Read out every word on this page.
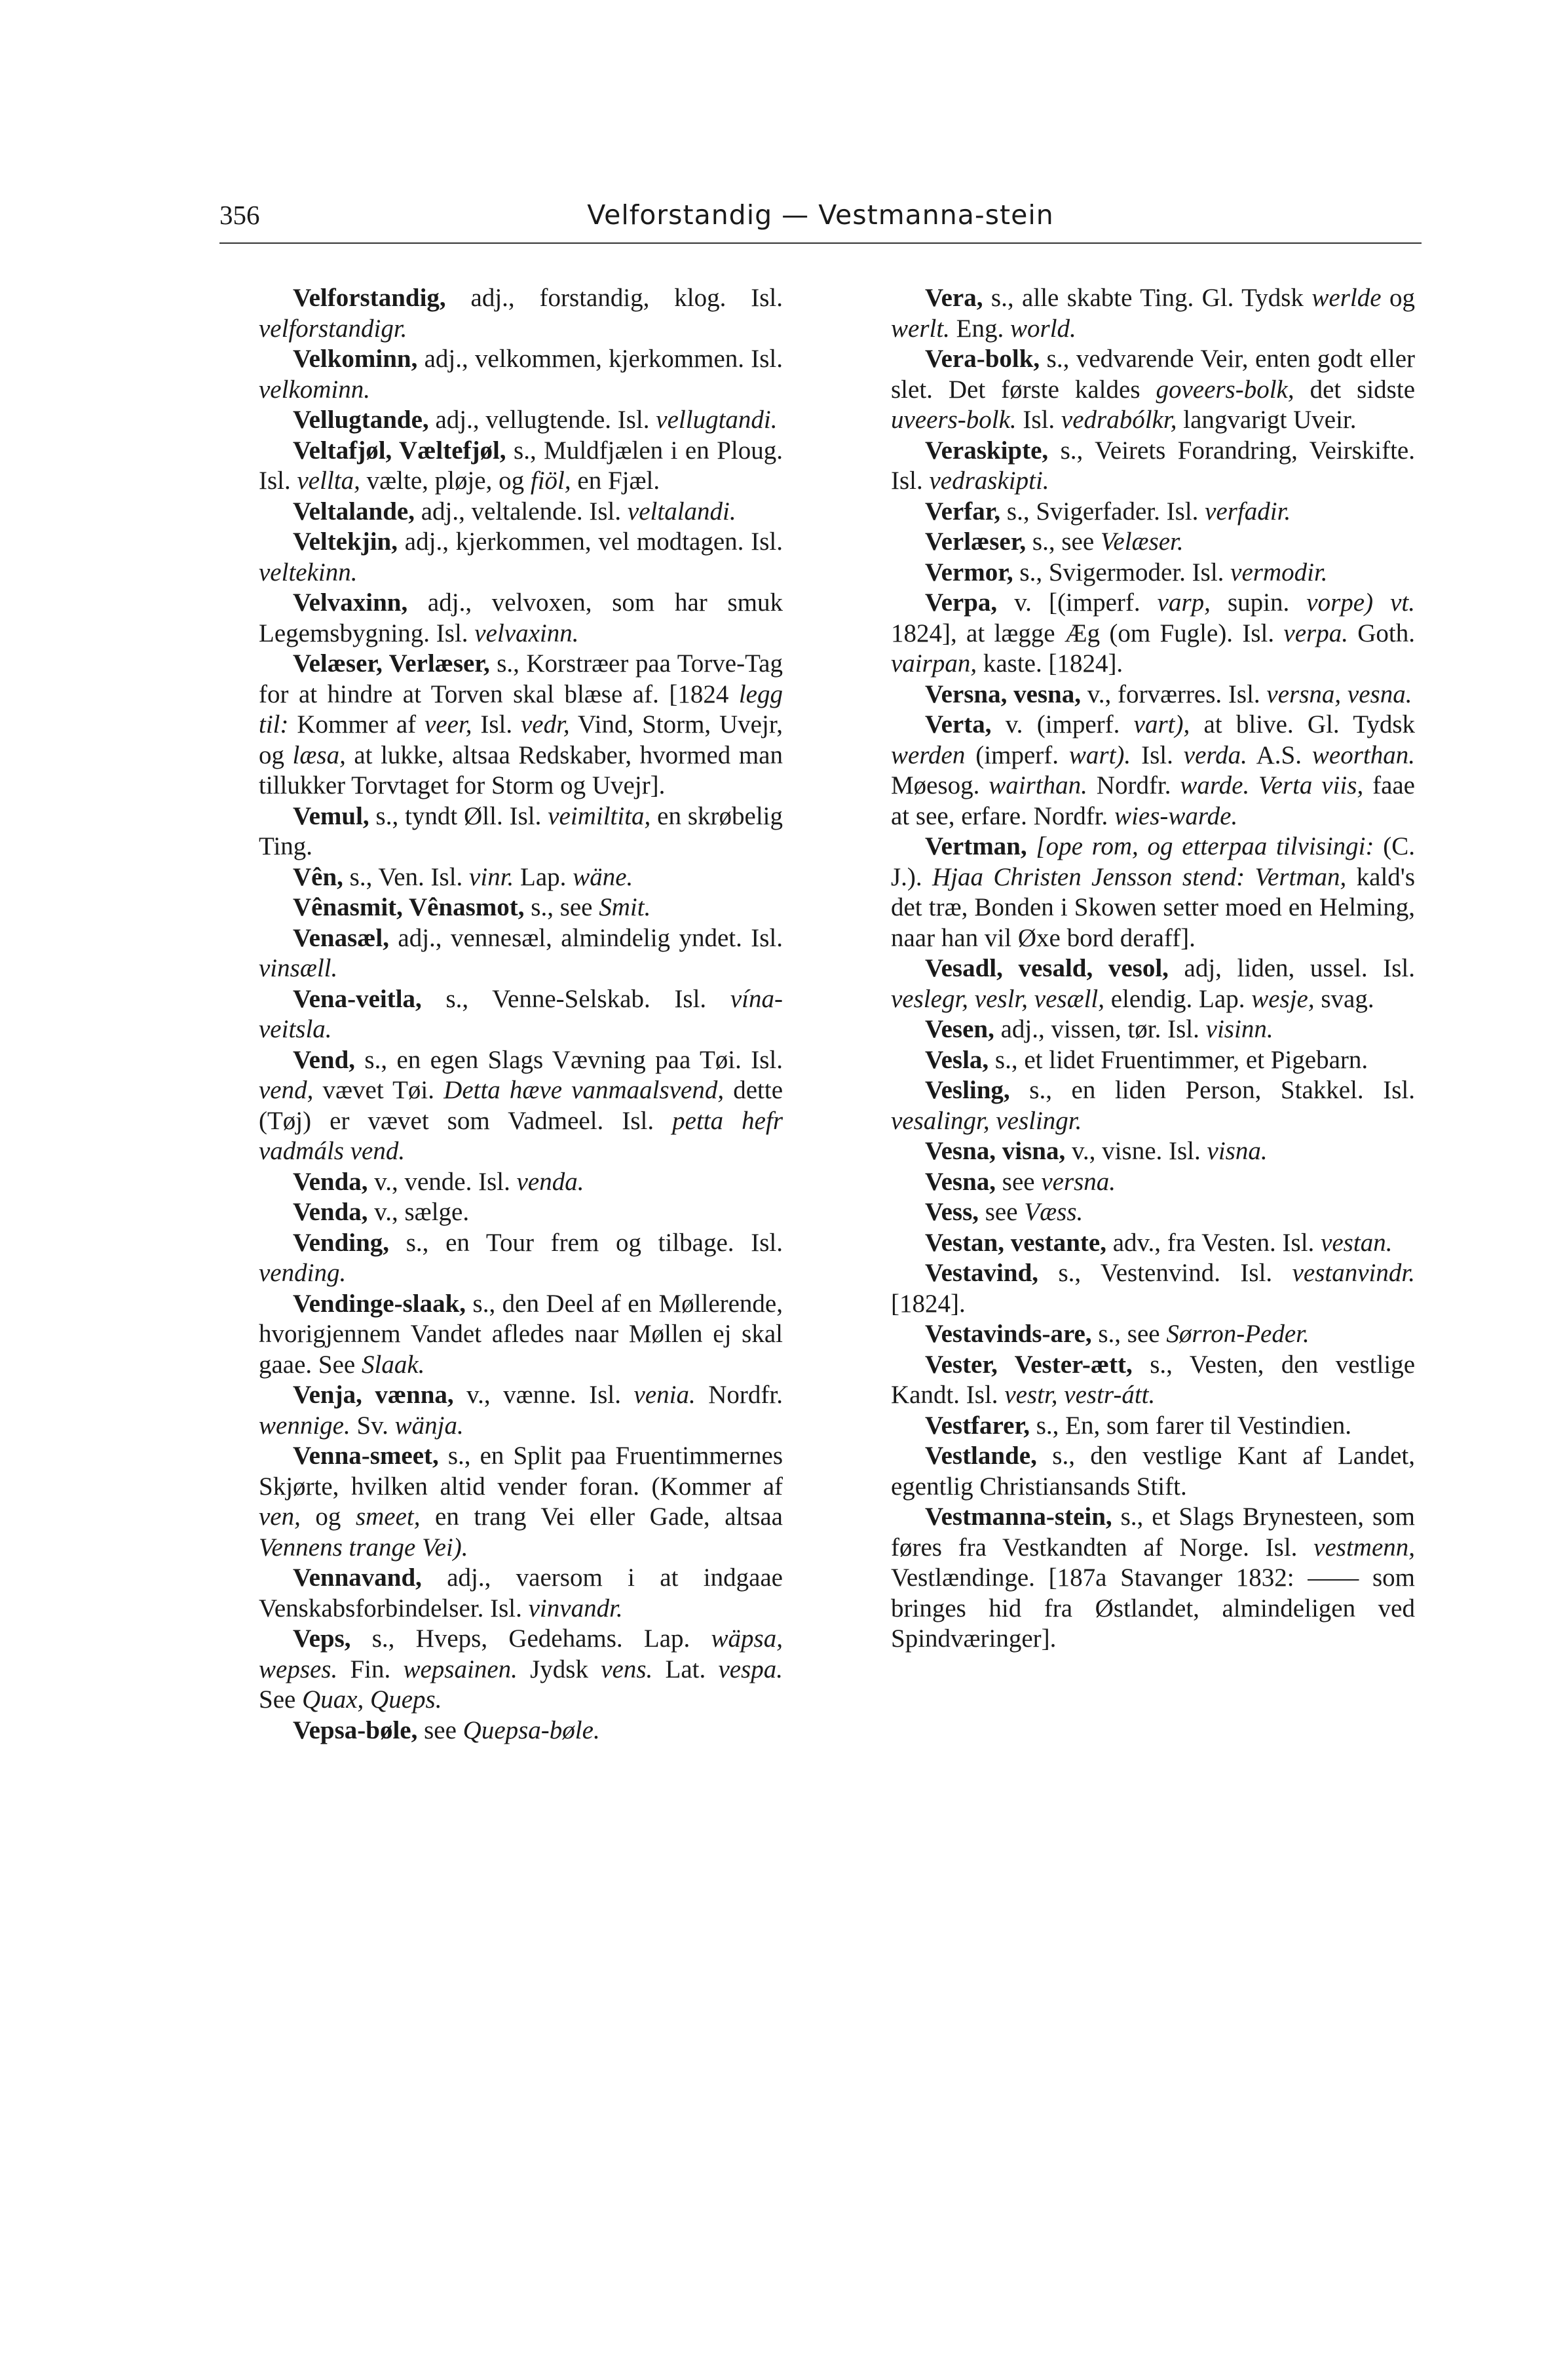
356	Velforstandig — Vestmanna-stein

Velforstandig, adj., forstandig, klog. Isl. velforstandigr.

Velkominn, adj., velkommen, kjerkommen. Isl. velkominn.

Vellugtande, adj., vellugtende. Isl. vellugtandi.

Veltafjøl, Væltefjøl, s., Muldfjælen i en Ploug. Isl. vellta, vælte, pløje, og fiöl, en Fjæl.

Veltalande, adj., veltalende. Isl. veltalandi.

Veltekjin, adj., kjerkommen, vel modtagen. Isl. veltekinn.

Velvaxinn, adj., velvoxen, som har smuk Legemsbygning. Isl. velvaxinn.

Velæser, Verlæser, s., Korstræer paa Torve-Tag for at hindre at Torven skal blæse af. [1824 legg til: Kommer af veer, Isl. vedr, Vind, Storm, Uvejr, og læsa, at lukke, altsaa Redskaber, hvormed man tillukker Torvtaget for Storm og Uvejr].

Vemul, s., tyndt Øll. Isl. veimiltita, en skrøbelig Ting.

Vên, s., Ven. Isl. vinr. Lap. wäne.

Vênasmit, Vênasmot, s., see Smit.

Venasæl, adj., vennesæl, almindelig yndet. Isl. vinsæll.

Vena-veitla, s., Venne-Selskab. Isl. vína-veitsla.

Vend, s., en egen Slags Vævning paa Tøi. Isl. vend, vævet Tøi. Detta hæve vanmaalsvend, dette (Tøj) er vævet som Vadmeel. Isl. petta hefr vadmáls vend.

Venda, v., vende. Isl. venda.

Venda, v., sælge.

Vending, s., en Tour frem og tilbage. Isl. vending.

Vendinge-slaak, s., den Deel af en Møllerende, hvorigjennem Vandet afledes naar Møllen ej skal gaae. See Slaak.

Venja, vænna, v., vænne. Isl. venia. Nordfr. wennige. Sv. wänja.

Venna-smeet, s., en Split paa Fruentimmernes Skjørte, hvilken altid vender foran. (Kommer af ven, og smeet, en trang Vei eller Gade, altsaa Vennens trange Vei).

Vennavand, adj., vaersom i at indgaae Venskabsforbindelser. Isl. vinvandr.

Veps, s., Hveps, Gedehams. Lap. wäpsa, wepses. Fin. wepsainen. Jydsk vens. Lat. vespa. See Quax, Queps.

Vepsa-bøle, see Quepsa-bøle.

Vera, s., alle skabte Ting. Gl. Tydsk werlde og werlt. Eng. world.

Vera-bolk, s., vedvarende Veir, enten godt eller slet. Det første kaldes goveers-bolk, det sidste uveers-bolk. Isl. vedrabólkr, langvarigt Uveir.

Veraskipte, s., Veirets Forandring, Veirskifte. Isl. vedraskipti.

Verfar, s., Svigerfader. Isl. verfadir.

Verlæser, s., see Velæser.

Vermor, s., Svigermoder. Isl. vermodir.

Verpa, v. [(imperf. varp, supin. vorpe) vt. 1824], at lægge Æg (om Fugle). Isl. verpa. Goth. vairpan, kaste. [1824].

Versna, vesna, v., forværres. Isl. versna, vesna.

Verta, v. (imperf. vart), at blive. Gl. Tydsk werden (imperf. wart). Isl. verda. A.S. weorthan. Møesog. wairthan. Nordfr. warde. Verta viis, faae at see, erfare. Nordfr. wies-warde.

Vertman, [ope rom, og etterpaa tilvisingi: (C. J.). Hjaa Christen Jensson stend: Vertman, kald's det træ, Bonden i Skowen setter moed en Helming, naar han vil Øxe bord deraff].

Vesadl, vesald, vesol, adj, liden, ussel. Isl. veslegr, veslr, vesæll, elendig. Lap. wesje, svag.

Vesen, adj., vissen, tør. Isl. visinn.

Vesla, s., et lidet Fruentimmer, et Pigebarn.

Vesling, s., en liden Person, Stakkel. Isl. vesalingr, veslingr.

Vesna, visna, v., visne. Isl. visna.

Vesna, see versna.

Vess, see Væss.

Vestan, vestante, adv., fra Vesten. Isl. vestan.

Vestavind, s., Vestenvind. Isl. vestanvindr. [1824].

Vestavinds-are, s., see Sørron-Peder.

Vester, Vester-ætt, s., Vesten, den vestlige Kandt. Isl. vestr, vestr-átt.

Vestfarer, s., En, som farer til Vestindien.

Vestlande, s., den vestlige Kant af Landet, egentlig Christiansands Stift.

Vestmanna-stein, s., et Slags Brynesteen, som føres fra Vestkandten af Norge. Isl. vestmenn, Vestlændinge. [187a Stavanger 1832: —— som bringes hid fra Østlandet, almindeligen ved Spindværinger].
